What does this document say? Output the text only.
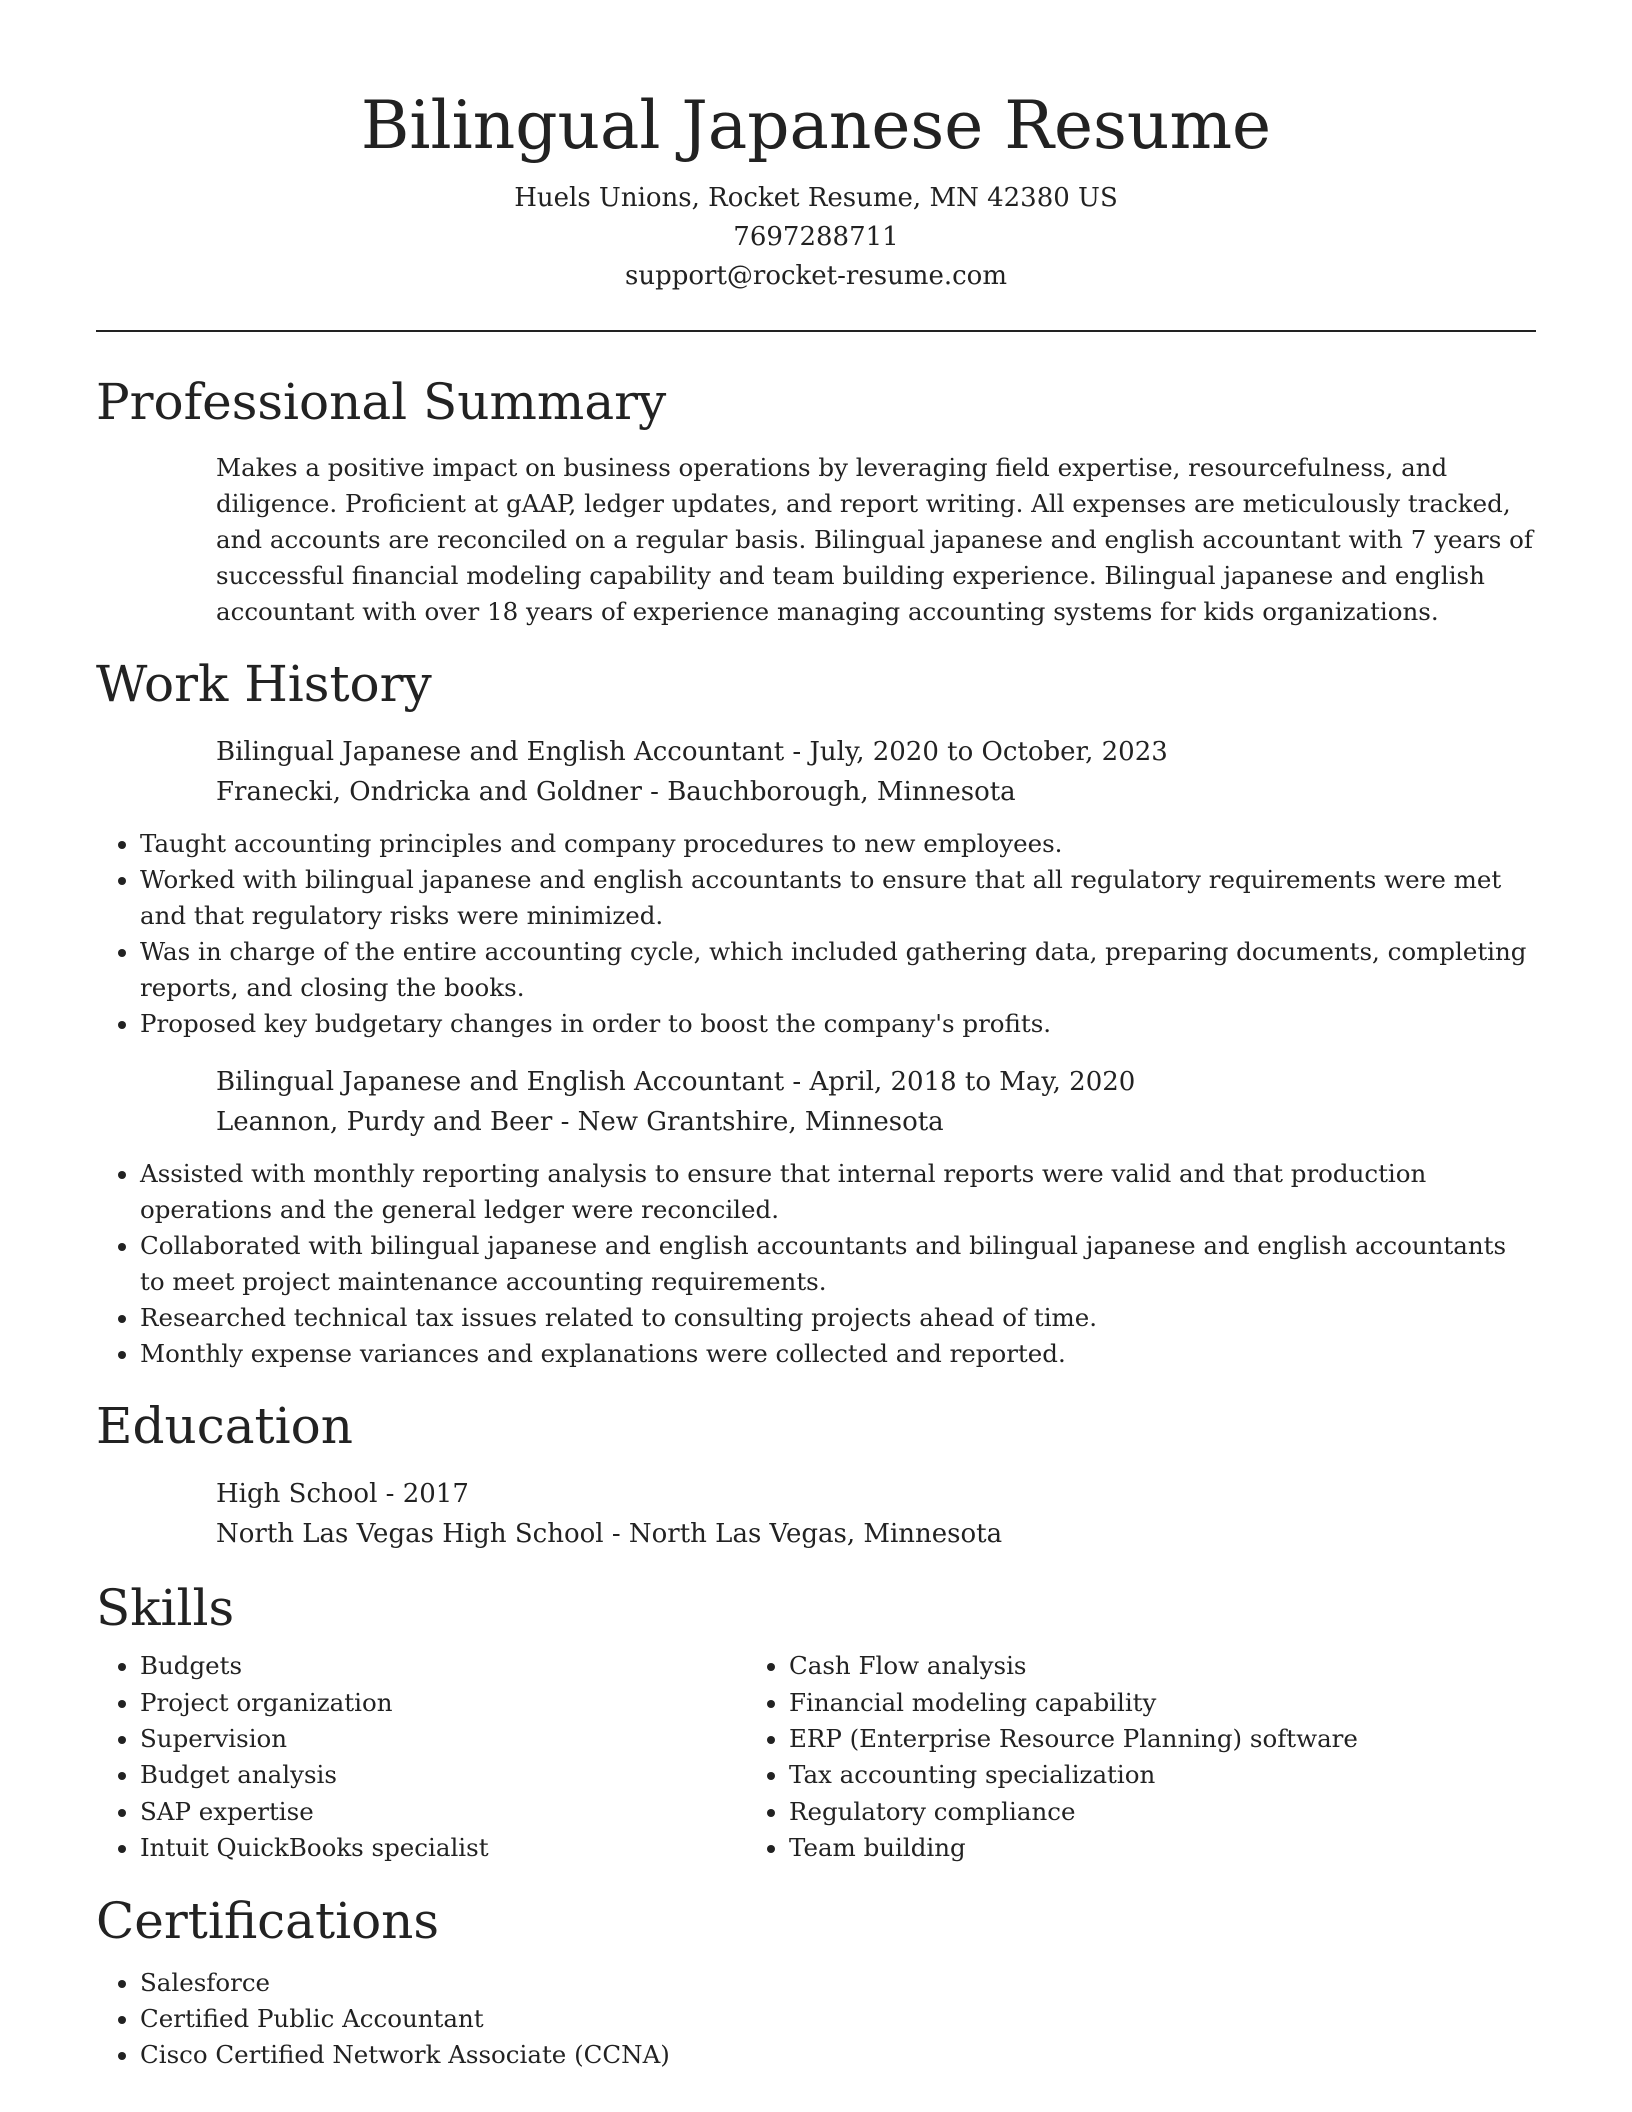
Bilingual Japanese Resume
Huels Unions, Rocket Resume, MN 42380 US
7697288711
support@rocket-resume.com
Professional Summary
Makes a positive impact on business operations by leveraging field expertise, resourcefulness, and diligence. Proficient at gAAP, ledger updates, and report writing. All expenses are meticulously tracked, and accounts are reconciled on a regular basis. Bilingual japanese and english accountant with 7 years of successful financial modeling capability and team building experience. Bilingual japanese and english accountant with over 18 years of experience managing accounting systems for kids organizations.
Work History
Bilingual Japanese and English Accountant - July, 2020 to October, 2023
Franecki, Ondricka and Goldner - Bauchborough, Minnesota
• Taught accounting principles and company procedures to new employees.
• Worked with bilingual japanese and english accountants to ensure that all regulatory requirements were met and that regulatory risks were minimized.
• Was in charge of the entire accounting cycle, which included gathering data, preparing documents, completing reports, and closing the books.
• Proposed key budgetary changes in order to boost the company's profits.
Bilingual Japanese and English Accountant - April, 2018 to May, 2020
Leannon, Purdy and Beer - New Grantshire, Minnesota
• Assisted with monthly reporting analysis to ensure that internal reports were valid and that production operations and the general ledger were reconciled.
• Collaborated with bilingual japanese and english accountants and bilingual japanese and english accountants to meet project maintenance accounting requirements.
• Researched technical tax issues related to consulting projects ahead of time.
• Monthly expense variances and explanations were collected and reported.
Education
High School - 2017
North Las Vegas High School - North Las Vegas, Minnesota
Skills
• Budgets
• Project organization
• Supervision
• Budget analysis
• SAP expertise
• Intuit QuickBooks specialist
• Cash Flow analysis
• Financial modeling capability
• ERP (Enterprise Resource Planning) software
• Tax accounting specialization
• Regulatory compliance
• Team building
Certifications
• Salesforce
• Certified Public Accountant
• Cisco Certified Network Associate (CCNA)
